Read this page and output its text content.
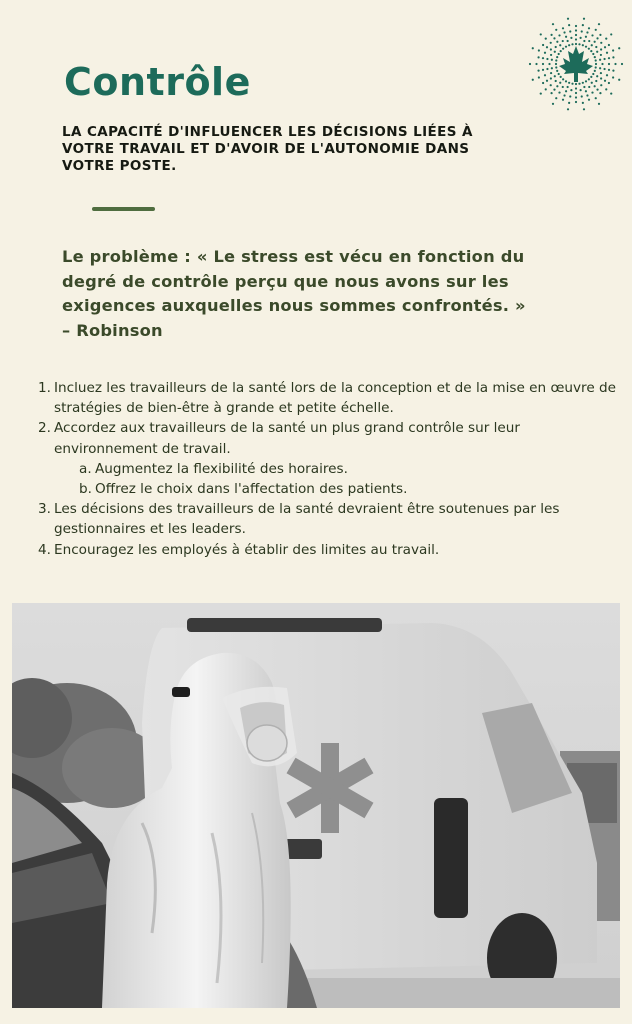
Contrôle
LA CAPACITÉ D'INFLUENCER LES DÉCISIONS LIÉES À VOTRE TRAVAIL ET D'AVOIR DE L'AUTONOMIE DANS VOTRE POSTE.
Le problème : « Le stress est vécu en fonction du
degré de contrôle perçu que nous avons sur les
exigences auxquelles nous sommes confrontés. »
– Robinson
1. Incluez les travailleurs de la santé lors de la conception et de la mise en œuvre de stratégies de bien-être à grande et petite échelle.
2. Accordez aux travailleurs de la santé un plus grand contrôle sur leur environnement de travail.
a. Augmentez la flexibilité des horaires.
b. Offrez le choix dans l'affectation des patients.
3. Les décisions des travailleurs de la santé devraient être soutenues par les gestionnaires et les leaders.
4. Encouragez les employés à établir des limites au travail.
